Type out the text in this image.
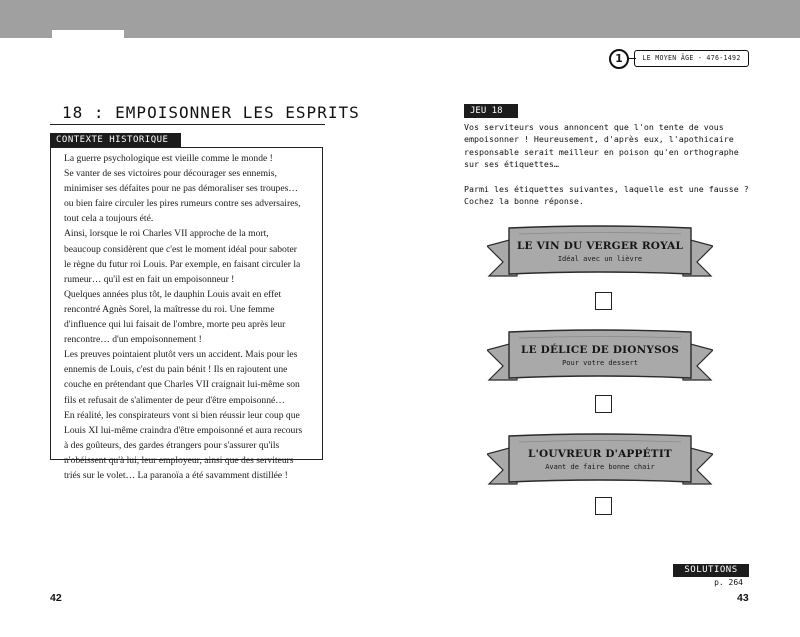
18 : EMPOISONNER LES ESPRITS
CONTEXTE HISTORIQUE

La guerre psychologique est vieille comme le monde !

Se vanter de ses victoires pour décourager ses ennemis,

minimiser ses défaites pour ne pas démoraliser ses troupes…

ou bien faire circuler les pires rumeurs contre ses adversaires,

tout cela a toujours été.

Ainsi, lorsque le roi Charles VII approche de la mort,

beaucoup considèrent que c'est le moment idéal pour saboter

le règne du futur roi Louis. Par exemple, en faisant circuler la

rumeur… qu'il est en fait un empoisonneur !

Quelques années plus tôt, le dauphin Louis avait en effet

rencontré Agnès Sorel, la maîtresse du roi. Une femme

d'influence qui lui faisait de l'ombre, morte peu après leur

rencontre… d'un empoisonnement !

Les preuves pointaient plutôt vers un accident. Mais pour les

ennemis de Louis, c'est du pain bénit ! Ils en rajoutent une

couche en prétendant que Charles VII craignait lui-même son

fils et refusait de s'alimenter de peur d'être empoisonné…

En réalité, les conspirateurs vont si bien réussir leur coup que

Louis XI lui-même craindra d'être empoisonné et aura recours

à des goûteurs, des gardes étrangers pour s'assurer qu'ils

n'obéissent qu'à lui, leur employeur, ainsi que des serviteurs

triés sur le volet… La paranoïa a été savamment distillée !

42
1	LE MOYEN ÂGE - 476-1492
JEU 18

Vos serviteurs vous annoncent que l'on tente de vous empoisonner ! Heureusement, d'après eux, l'apothicaire responsable serait meilleur en poison qu'en orthographe sur ses étiquettes…

Parmi les étiquettes suivantes, laquelle est une fausse ? Cochez la bonne réponse.

LE VIN DU VERGER ROYAL
Idéal avec un lièvre
LE DÉLICE DE DIONYSOS
Pour votre dessert
L'OUVREUR D'APPÉTIT
Avant de faire bonne chair
SOLUTIONS
p. 264
43
